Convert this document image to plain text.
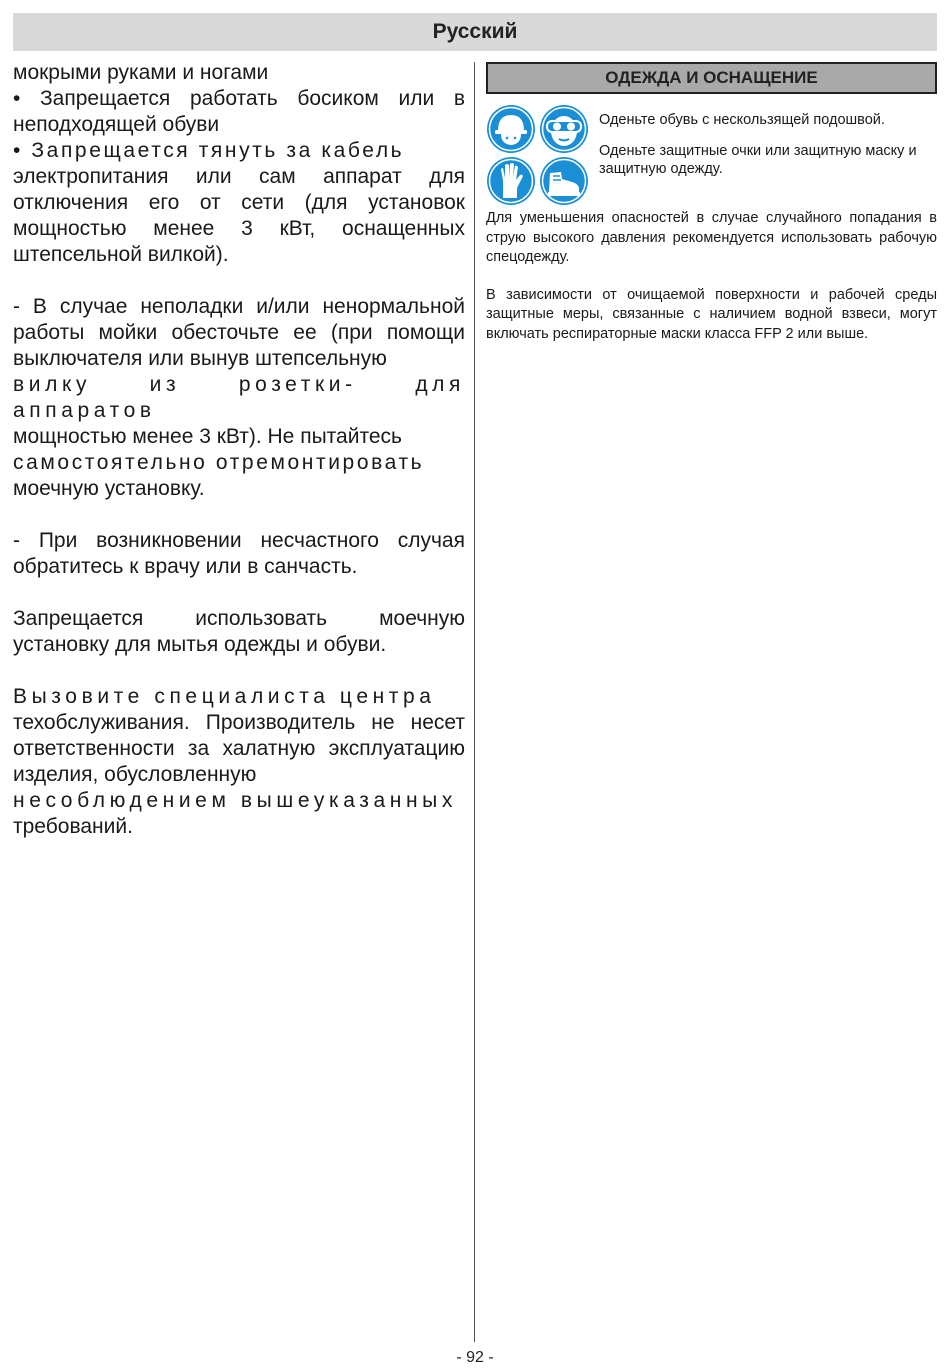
Русский

мокрыми руками и ногами

• Запрещается работать босиком или в неподходящей обуви

• Запрещается тянуть за кабель

электропитания или сам аппарат для отключения его от сети (для установок мощностью менее 3 кВт, оснащенных штепсельной вилкой).

- В случае неполадки и/или ненормальной работы мойки обесточьте ее (при помощи выключателя или вынув штепсельную

вилку из розетки- для аппаратов

мощностью менее 3 кВт). Не пытайтесь

самостоятельно отремонтировать

моечную установку.

- При возникновении несчастного случая обратитесь к врачу или в санчасть.

Запрещается использовать моечную установку для мытья одежды и обуви.

Вызовите специалиста центра

техобслуживания. Производитель не несет ответственности за халатную эксплуатацию изделия, обусловленную

несоблюдением вышеуказанных

требований.

ОДЕЖДА И ОСНАЩЕНИЕ

Оденьте обувь с нескользящей подошвой.

Оденьте защитные очки или защитную маску и защитную одежду.

Для уменьшения опасностей в случае случайного попадания в струю высокого давления рекомендуется использовать рабочую спецодежду.

В зависимости от очищаемой поверхности и рабочей среды защитные меры, связанные с наличием водной взвеси, могут включать респираторные маски класса FFP 2 или выше.

- 92 -
